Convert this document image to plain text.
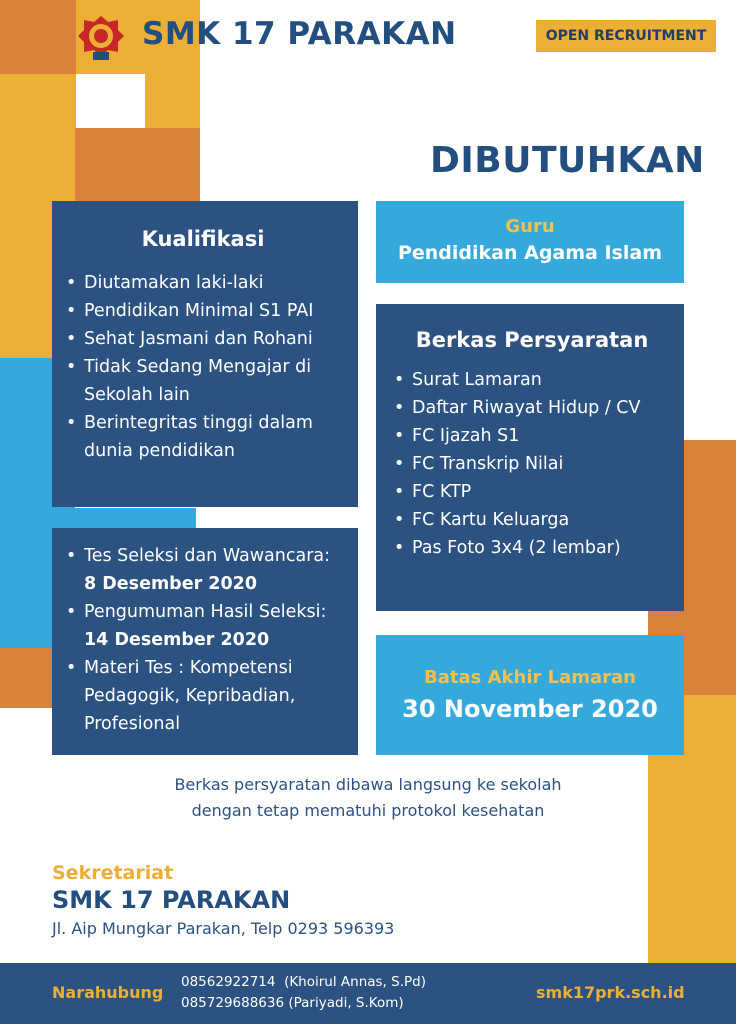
SMK 17 PARAKAN	OPEN RECRUITMENT
DIBUTUHKAN
Kualifikasi
• Diutamakan laki-laki
• Pendidikan Minimal S1 PAI
• Sehat Jasmani dan Rohani
• Tidak Sedang Mengajar di Sekolah lain
• Berintegritas tinggi dalam dunia pendidikan
• Tes Seleksi dan Wawancara:
8 Desember 2020
• Pengumuman Hasil Seleksi:
14 Desember 2020
• Materi Tes : Kompetensi Pedagogik, Kepribadian, Profesional
Guru
Pendidikan Agama Islam
Berkas Persyaratan
• Surat Lamaran
• Daftar Riwayat Hidup / CV
• FC Ijazah S1
• FC Transkrip Nilai
• FC KTP
• FC Kartu Keluarga
• Pas Foto 3x4 (2 lembar)
Batas Akhir Lamaran
30 November 2020
Berkas persyaratan dibawa langsung ke sekolah
dengan tetap mematuhi protokol kesehatan
Sekretariat
SMK 17 PARAKAN
Jl. Aip Mungkar Parakan, Telp 0293 596393
Narahubung
08562922714  (Khoirul Annas, S.Pd)
085729688636 (Pariyadi, S.Kom)
smk17prk.sch.id
